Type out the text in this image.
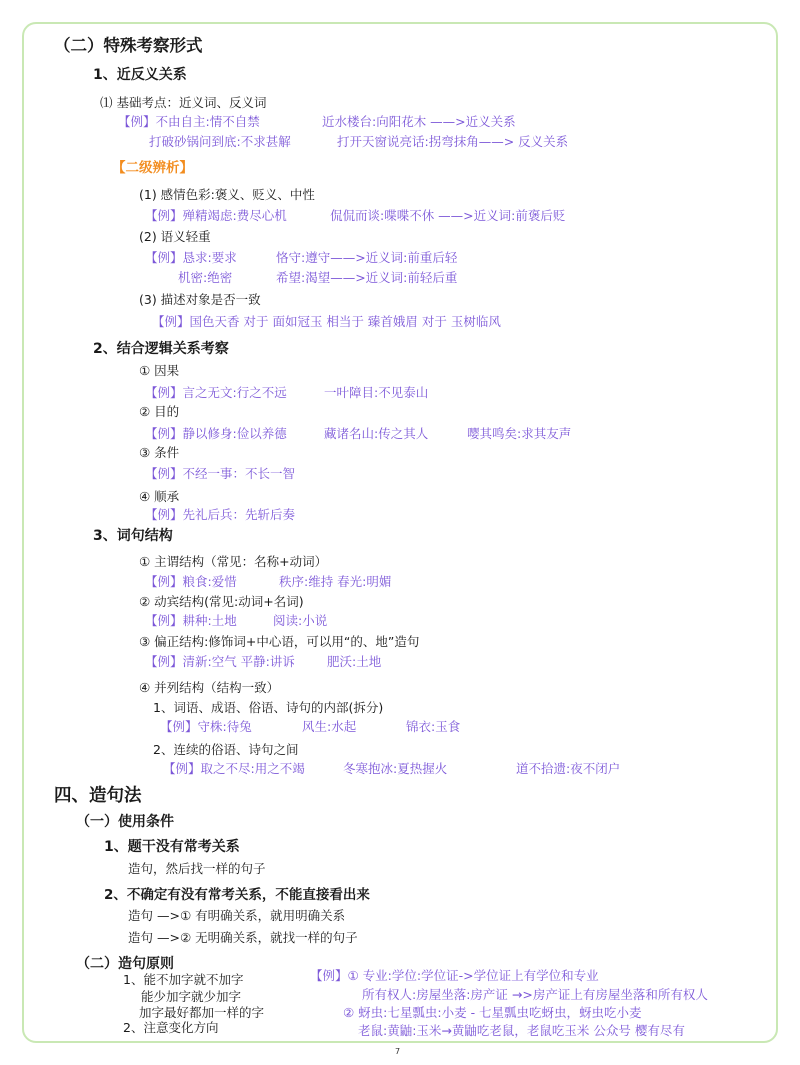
（二）特殊考察形式
1、近反义关系
⑴ 基础考点：近义词、反义词
【例】不由自主:情不自禁	近水楼台:向阳花木 ——>近义关系
打破砂锅问到底:不求甚解	打开天窗说亮话:拐弯抹角——> 反义关系
【二级辨析】
(1) 感情色彩:褒义、贬义、中性
【例】殚精竭虑:费尽心机	侃侃而谈:喋喋不休 ——>近义词:前褒后贬
(2) 语义轻重
【例】恳求:要求	恪守:遵守——>近义词:前重后轻
机密:绝密	希望:渴望——>近义词:前轻后重
(3) 描述对象是否一致
【例】国色天香 对于 面如冠玉 相当于 臻首娥眉 对于 玉树临风
2、结合逻辑关系考察
① 因果
【例】言之无文:行之不远	一叶障目:不见泰山
② 目的
【例】静以修身:俭以养德	藏诸名山:传之其人	嘤其鸣矣:求其友声
③ 条件
【例】不经一事：不长一智
④ 顺承
【例】先礼后兵：先斩后奏
3、词句结构
① 主谓结构（常见：名称+动词）
【例】粮食:爱惜	秩序:维持 春光:明媚
② 动宾结构(常见:动词+名词)
【例】耕种:土地	阅读:小说
③ 偏正结构:修饰词+中心语，可以用“的、地”造句
【例】清新:空气 平静:讲诉	肥沃:土地
④ 并列结构（结构一致）
1、词语、成语、俗语、诗句的内部(拆分)
【例】守株:待兔	风生:水起	锦衣:玉食
2、连续的俗语、诗句之间
【例】取之不尽:用之不竭	冬寒抱冰:夏热握火	道不拾遗:夜不闭户
四、造句法
（一）使用条件
1、题干没有常考关系
造句，然后找一样的句子
2、不确定有没有常考关系，不能直接看出来
造句 —>① 有明确关系，就用明确关系
造句 —>② 无明确关系，就找一样的句子
（二）造句原则
1、能不加字就不加字
能少加字就少加字
加字最好都加一样的字
2、注意变化方向
【例】① 专业:学位:学位证->学位证上有学位和专业
所有权人:房屋坐落:房产证 →>房产证上有房屋坐落和所有权人
② 蚜虫:七星瓢虫:小麦 - 七星瓢虫吃蚜虫，蚜虫吃小麦
老鼠:黄鼬:玉米→黄鼬吃老鼠，老鼠吃玉米 公众号 樱有尽有
7
